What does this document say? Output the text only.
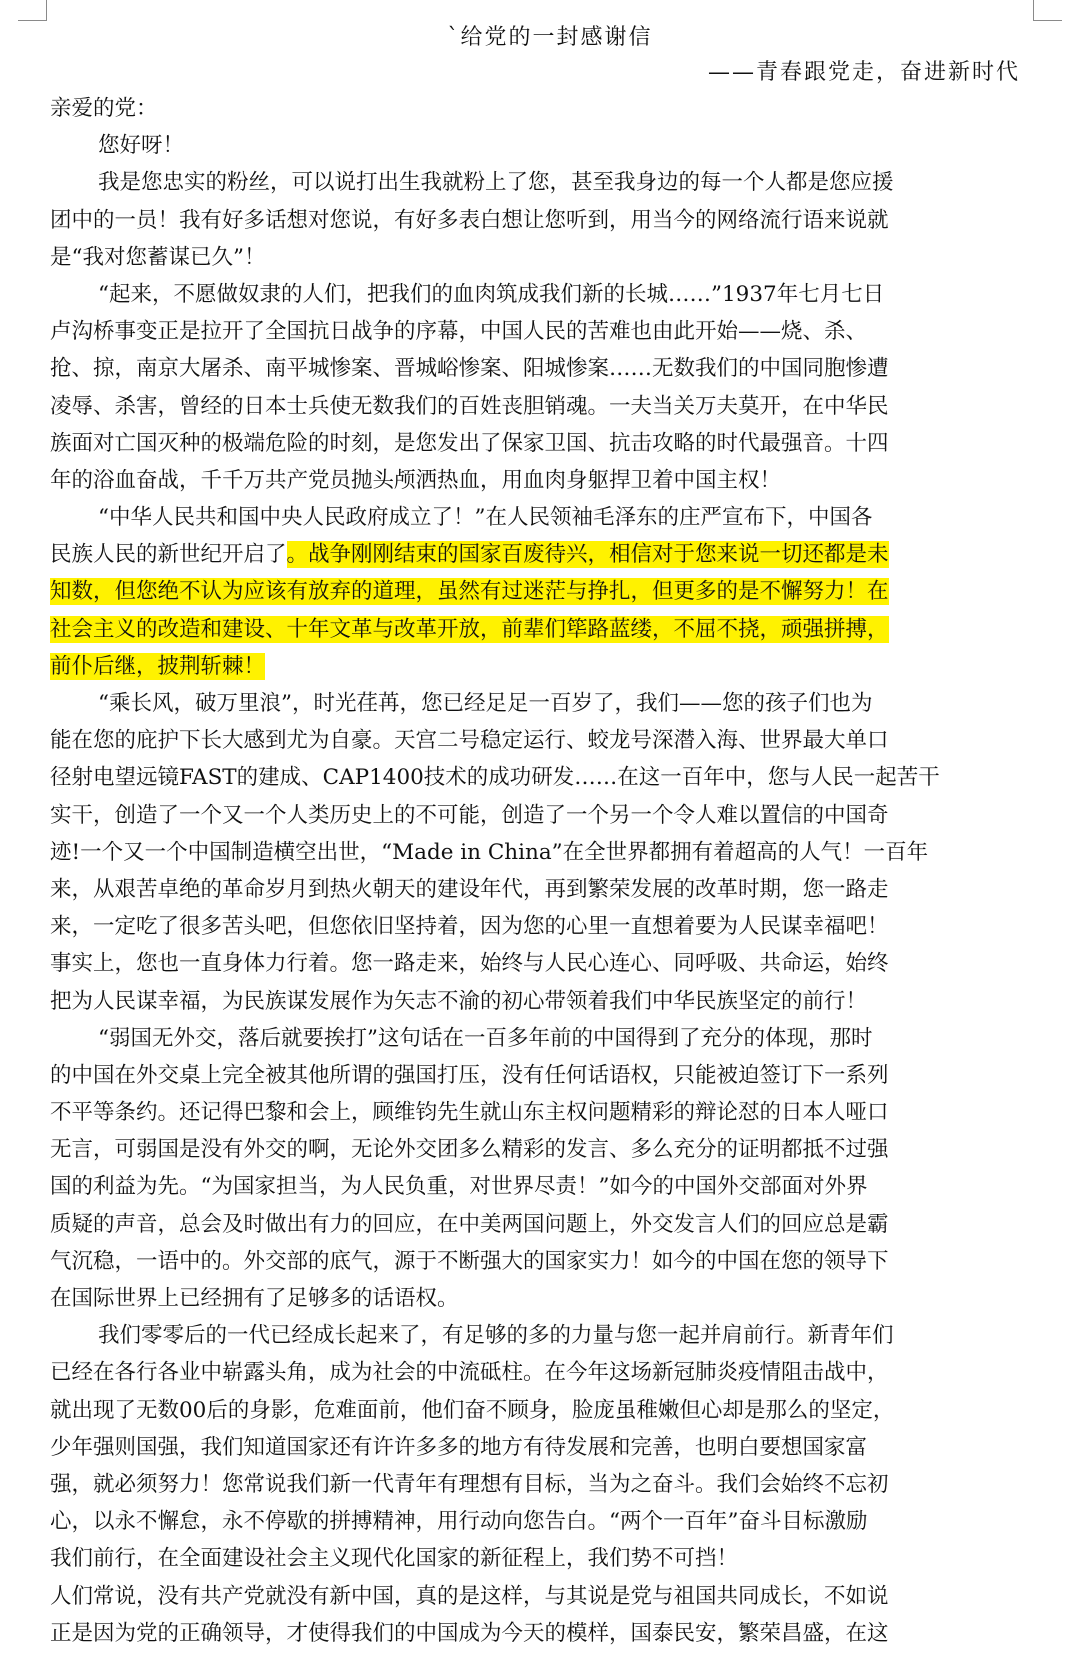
`给党的一封感谢信
——青春跟党走，奋进新时代
亲爱的党：
您好呀！
我是您忠实的粉丝，可以说打出生我就粉上了您，甚至我身边的每一个人都是您应援
团中的一员！我有好多话想对您说，有好多表白想让您听到，用当今的网络流行语来说就
是“我对您蓄谋已久”！
“起来，不愿做奴隶的人们，把我们的血肉筑成我们新的长城……”1937年七月七日
卢沟桥事变正是拉开了全国抗日战争的序幕，中国人民的苦难也由此开始——烧、杀、
抢、掠，南京大屠杀、南平城惨案、晋城峪惨案、阳城惨案……无数我们的中国同胞惨遭
凌辱、杀害，曾经的日本士兵使无数我们的百姓丧胆销魂。一夫当关万夫莫开，在中华民
族面对亡国灭种的极端危险的时刻，是您发出了保家卫国、抗击攻略的时代最强音。十四
年的浴血奋战，千千万共产党员抛头颅洒热血，用血肉身躯捍卫着中国主权！
“中华人民共和国中央人民政府成立了！”在人民领袖毛泽东的庄严宣布下，中国各
民族人民的新世纪开启了。战争刚刚结束的国家百废待兴，相信对于您来说一切还都是未
知数，但您绝不认为应该有放弃的道理，虽然有过迷茫与挣扎，但更多的是不懈努力！在
社会主义的改造和建设、十年文革与改革开放，前辈们筚路蓝缕，不屈不挠，顽强拼搏，
前仆后继，披荆斩棘！
“乘长风，破万里浪”，时光荏苒，您已经足足一百岁了，我们——您的孩子们也为
能在您的庇护下长大感到尤为自豪。天宫二号稳定运行、蛟龙号深潜入海、世界最大单口
径射电望远镜FAST的建成、CAP1400技术的成功研发……在这一百年中，您与人民一起苦干
实干，创造了一个又一个人类历史上的不可能，创造了一个另一个令人难以置信的中国奇
迹!一个又一个中国制造横空出世，“Made in China”在全世界都拥有着超高的人气！一百年
来，从艰苦卓绝的革命岁月到热火朝天的建设年代，再到繁荣发展的改革时期，您一路走
来，一定吃了很多苦头吧，但您依旧坚持着，因为您的心里一直想着要为人民谋幸福吧！
事实上，您也一直身体力行着。您一路走来，始终与人民心连心、同呼吸、共命运，始终
把为人民谋幸福，为民族谋发展作为矢志不渝的初心带领着我们中华民族坚定的前行！
“弱国无外交，落后就要挨打”这句话在一百多年前的中国得到了充分的体现，那时
的中国在外交桌上完全被其他所谓的强国打压，没有任何话语权，只能被迫签订下一系列
不平等条约。还记得巴黎和会上，顾维钧先生就山东主权问题精彩的辩论怼的日本人哑口
无言，可弱国是没有外交的啊，无论外交团多么精彩的发言、多么充分的证明都抵不过强
国的利益为先。“为国家担当，为人民负重，对世界尽责！”如今的中国外交部面对外界
质疑的声音，总会及时做出有力的回应，在中美两国问题上，外交发言人们的回应总是霸
气沉稳，一语中的。外交部的底气，源于不断强大的国家实力！如今的中国在您的领导下
在国际世界上已经拥有了足够多的话语权。
我们零零后的一代已经成长起来了，有足够的多的力量与您一起并肩前行。新青年们
已经在各行各业中崭露头角，成为社会的中流砥柱。在今年这场新冠肺炎疫情阻击战中，
就出现了无数00后的身影，危难面前，他们奋不顾身，脸庞虽稚嫩但心却是那么的坚定，
少年强则国强，我们知道国家还有许许多多的地方有待发展和完善，也明白要想国家富
强，就必须努力！您常说我们新一代青年有理想有目标，当为之奋斗。我们会始终不忘初
心，以永不懈怠，永不停歇的拼搏精神，用行动向您告白。“两个一百年”奋斗目标激励
我们前行，在全面建设社会主义现代化国家的新征程上，我们势不可挡！
人们常说，没有共产党就没有新中国，真的是这样，与其说是党与祖国共同成长，不如说
正是因为党的正确领导，才使得我们的中国成为今天的模样，国泰民安，繁荣昌盛，在这
